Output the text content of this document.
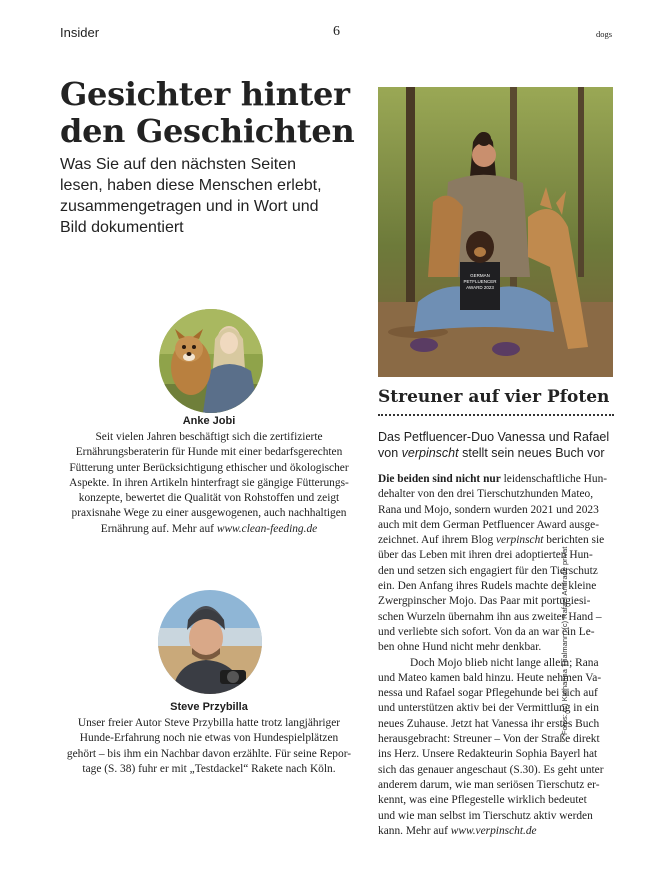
Insider	6	dogs
Gesichter hinter
den Geschichten

Was Sie auf den nächsten Seiten lesen, haben diese Menschen erlebt, zusammengetragen und in Wort und Bild dokumentiert

Anke Jobi

Seit vielen Jahren beschäftigt sich die zertifizierte
Ernährungsberaterin für Hunde mit einer bedarfsgerechten
Fütterung unter Berücksichtigung ethischer und ökologischer
Aspekte. In ihren Artikeln hinterfragt sie gängige Fütterungs-
konzepte, bewertet die Qualität von Rohstoffen und zeigt
praxisnahe Wege zu einer ausgewogenen, auch nachhaltigen
Ernährung auf. Mehr auf www.clean-feeding.de

Steve Przybilla

Unser freier Autor Steve Przybilla hatte trotz langjähriger
Hunde-Erfahrung noch nie etwas von Hundespielplätzen
gehört – bis ihm ein Nachbar davon erzählte. Für seine Repor-
tage (S. 38) fuhr er mit „Testdackel“ Rakete nach Köln.

GERMAN
PETFLUENCER
AWARD 2023
Streuner auf vier Pfoten

Das Petfluencer-Duo Vanessa und Rafael
von verpinscht stellt sein neues Buch vor

Die beiden sind nicht nur leidenschaftliche Hun-
dehalter von den drei Tierschutzhunden Mateo,
Rana und Mojo, sondern wurden 2021 und 2023
auch mit dem German Petfluencer Award ausge-
zeichnet. Auf ihrem Blog verpinscht berichten sie
über das Leben mit ihren drei adoptierten Hun-
den und setzen sich engagiert für den Tierschutz
ein. Den Anfang ihres Rudels machte der kleine
Zwergpinscher Mojo. Das Paar mit portugiesi-
schen Wurzeln übernahm ihn aus zweiter Hand –
und verliebte sich sofort. Von da an war ein Le-
ben ohne Hund nicht mehr denkbar.
Doch Mojo blieb nicht lange allein; Rana
und Mateo kamen bald hinzu. Heute nehmen Va-
nessa und Rafael sogar Pflegehunde bei sich auf
und unterstützen aktiv bei der Vermittlung in ein
neues Zuhause. Jetzt hat Vanessa ihr erstes Buch
herausgebracht: Streuner – Von der Straße direkt
ins Herz. Unsere Redakteurin Sophia Bayerl hat
sich das genauer angeschaut (S.30). Es geht unter
anderem darum, wie man seriösen Tierschutz er-
kennt, was eine Pflegestelle wirklich bedeutet
und wie man selbst im Tierschutz aktiv werden
kann. Mehr auf www.verpinscht.de

Fotos: (c) Katharina Thalmann, (c) Rafael Andrade privat
